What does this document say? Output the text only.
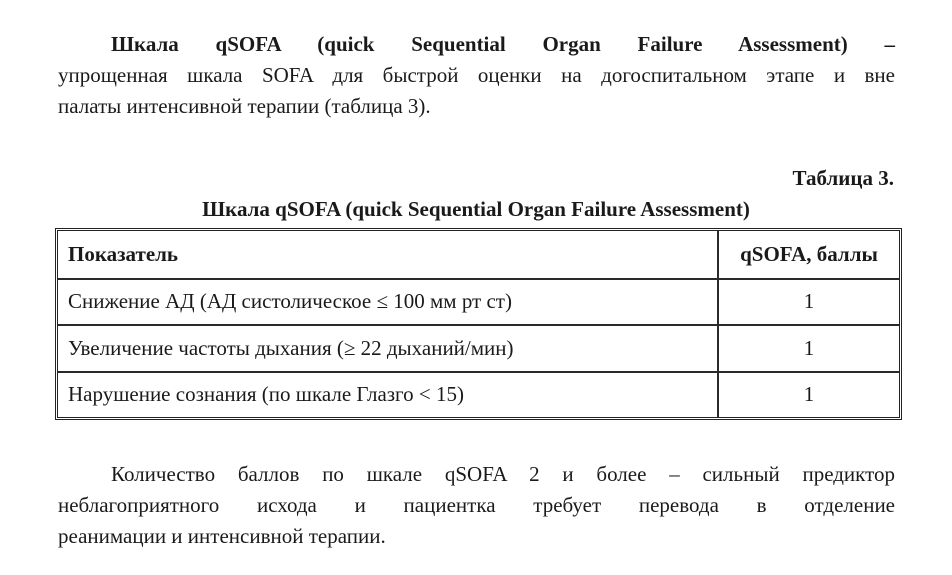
Шкала qSOFA (quick Sequential Organ Failure Assessment) –
упрощенная шкала SOFA для быстрой оценки на догоспитальном этапе и вне
палаты интенсивной терапии (таблица 3).

Таблица 3.

Шкала qSOFA (quick Sequential Organ Failure Assessment)

Показатель	qSOFA, баллы
Снижение АД (АД систолическое ≤ 100 мм рт ст)	1
Увеличение частоты дыхания (≥ 22 дыханий/мин)	1
Нарушение сознания (по шкале Глазго < 15)	1

Количество баллов по шкале qSOFA 2 и более – сильный предиктор
неблагоприятного исхода и пациентка требует перевода в отделение
реанимации и интенсивной терапии.
